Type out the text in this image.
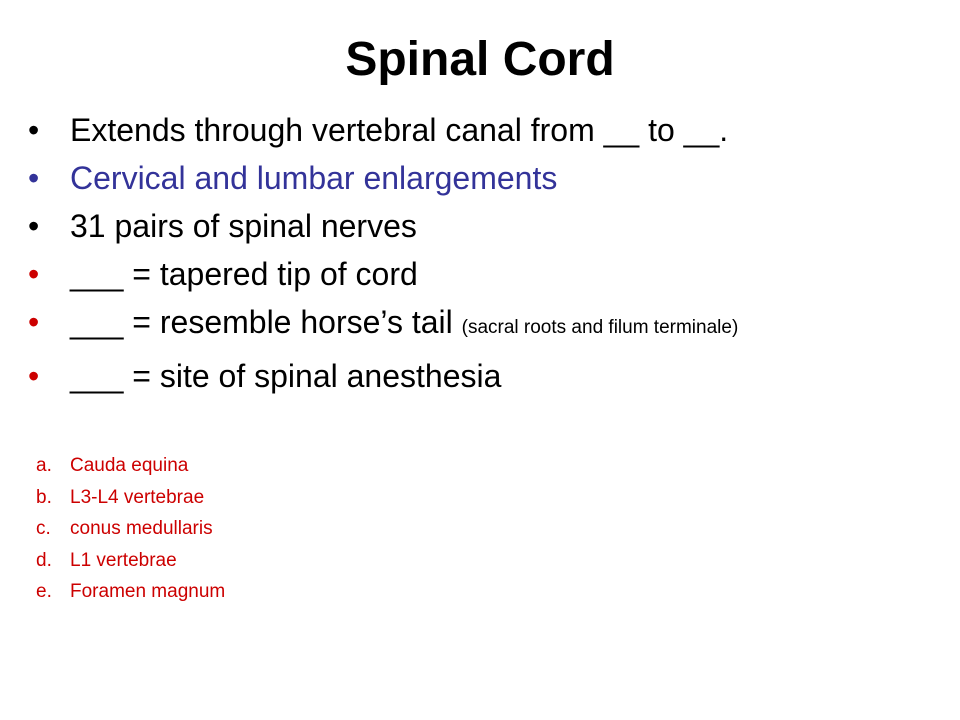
Spinal Cord
• Extends through vertebral canal from __ to __.
• Cervical and lumbar enlargements
• 31 pairs of spinal nerves
• ___ = tapered tip of cord
• ___ = resemble horse’s tail (sacral roots and filum terminale)
• ___ = site of spinal anesthesia
a. Cauda equina
b. L3-L4 vertebrae
c. conus medullaris
d. L1 vertebrae
e. Foramen magnum
